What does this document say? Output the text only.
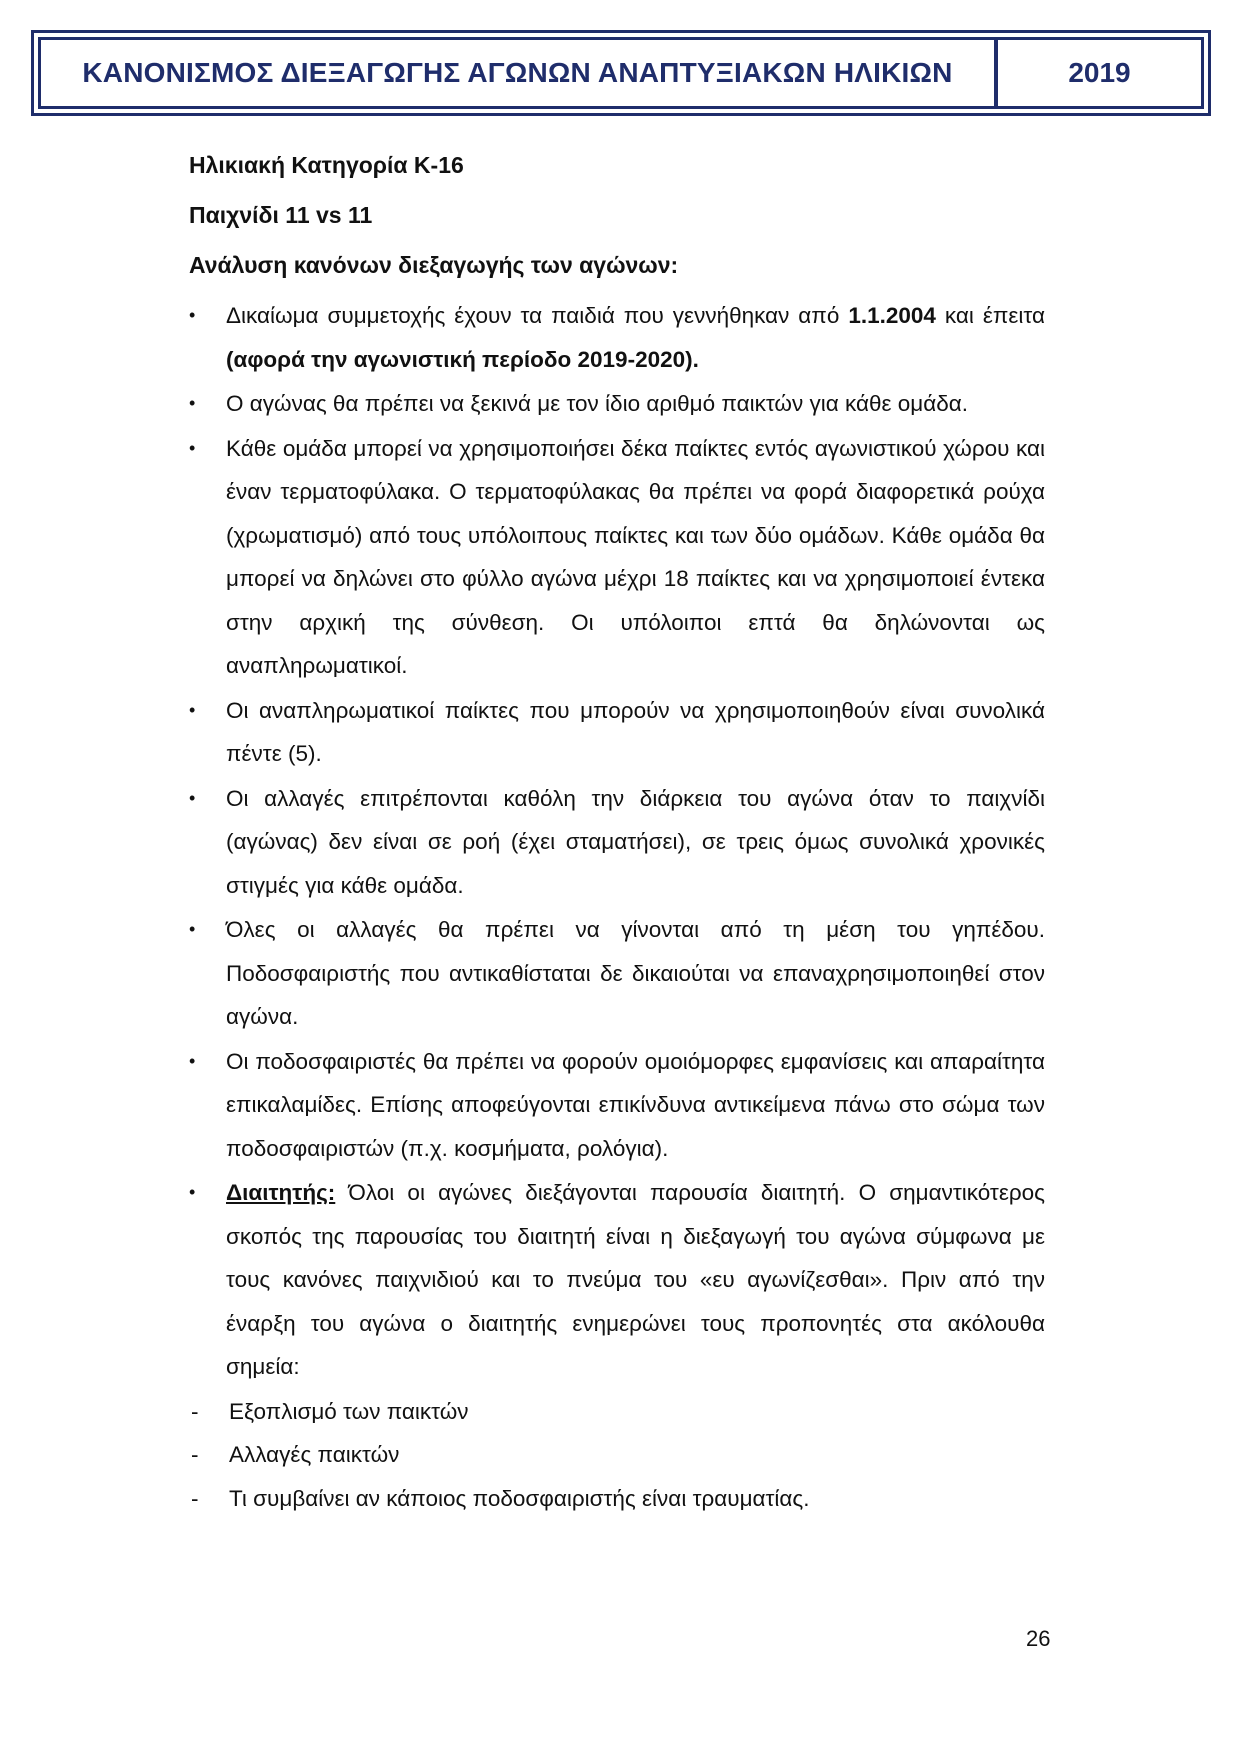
ΚΑΝΟΝΙΣΜΟΣ ΔΙΕΞΑΓΩΓΗΣ ΑΓΩΝΩΝ ΑΝΑΠΤΥΞΙΑΚΩΝ ΗΛΙΚΙΩΝ	2019

Ηλικιακή Κατηγορία Κ-16

Παιχνίδι 11 vs 11

Ανάλυση κανόνων διεξαγωγής των αγώνων:

• Δικαίωμα συμμετοχής έχουν τα παιδιά που γεννήθηκαν από 1.1.2004 και έπειτα (αφορά την αγωνιστική περίοδο 2019-2020).
• Ο αγώνας θα πρέπει να ξεκινά με τον ίδιο αριθμό παικτών για κάθε ομάδα.
• Κάθε ομάδα μπορεί να χρησιμοποιήσει δέκα παίκτες εντός αγωνιστικού χώρου και έναν τερματοφύλακα. Ο τερματοφύλακας θα πρέπει να φορά διαφορετικά ρούχα (χρωματισμό) από τους υπόλοιπους παίκτες και των δύο ομάδων. Κάθε ομάδα θα μπορεί να δηλώνει στο φύλλο αγώνα μέχρι 18 παίκτες και να χρησιμοποιεί έντεκα στην αρχική της σύνθεση. Οι υπόλοιποι επτά θα δηλώνονται ως αναπληρωματικοί.
• Οι αναπληρωματικοί παίκτες που μπορούν να χρησιμοποιηθούν είναι συνολικά πέντε (5).
• Οι αλλαγές επιτρέπονται καθόλη την διάρκεια του αγώνα όταν το παιχνίδι (αγώνας) δεν είναι σε ροή (έχει σταματήσει), σε τρεις όμως συνολικά χρονικές στιγμές για κάθε ομάδα.
• Όλες οι αλλαγές θα πρέπει να γίνονται από τη μέση του γηπέδου. Ποδοσφαιριστής που αντικαθίσταται δε δικαιούται να επαναχρησιμοποιηθεί στον αγώνα.
• Οι ποδοσφαιριστές θα πρέπει να φορούν ομοιόμορφες εμφανίσεις και απαραίτητα επικαλαμίδες. Επίσης αποφεύγονται επικίνδυνα αντικείμενα πάνω στο σώμα των ποδοσφαιριστών (π.χ. κοσμήματα, ρολόγια).
• Διαιτητής: Όλοι οι αγώνες διεξάγονται παρουσία διαιτητή. Ο σημαντικότερος σκοπός της παρουσίας του διαιτητή είναι η διεξαγωγή του αγώνα σύμφωνα με τους κανόνες παιχνιδιού και το πνεύμα του «ευ αγωνίζεσθαι». Πριν από την έναρξη του αγώνα ο διαιτητής ενημερώνει τους προπονητές στα ακόλουθα σημεία:
- Εξοπλισμό των παικτών
- Αλλαγές παικτών
- Τι συμβαίνει αν κάποιος ποδοσφαιριστής είναι τραυματίας.
26
